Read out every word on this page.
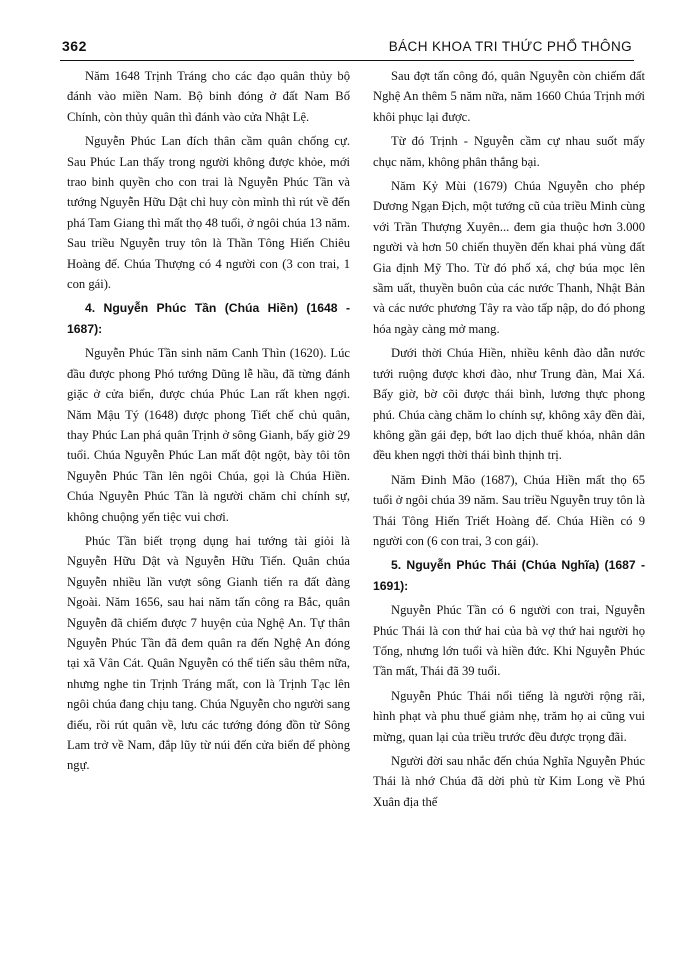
362	BÁCH KHOA TRI THỨC PHỔ THÔNG

Năm 1648 Trịnh Tráng cho các đạo quân thủy bộ đánh vào miền Nam. Bộ binh đóng ở đất Nam Bố Chính, còn thủy quân thì đánh vào cửa Nhật Lệ.

Nguyễn Phúc Lan đích thân cầm quân chống cự. Sau Phúc Lan thấy trong người không được khỏe, mới trao binh quyền cho con trai là Nguyễn Phúc Tần và tướng Nguyễn Hữu Dật chỉ huy còn mình thì rút về đến phá Tam Giang thì mất thọ 48 tuổi, ở ngôi chúa 13 năm. Sau triều Nguyễn truy tôn là Thần Tông Hiến Chiêu Hoàng đế. Chúa Thượng có 4 người con (3 con trai, 1 con gái).

4. Nguyễn Phúc Tần (Chúa Hiền) (1648 - 1687):

Nguyễn Phúc Tần sinh năm Canh Thìn (1620). Lúc đầu được phong Phó tướng Dũng lễ hầu, đã từng đánh giặc ở cửa biển, được chúa Phúc Lan rất khen ngợi. Năm Mậu Tý (1648) được phong Tiết chế chủ quân, thay Phúc Lan phá quân Trịnh ở sông Gianh, bấy giờ 29 tuổi. Chúa Nguyễn Phúc Lan mất đột ngột, bày tôi tôn Nguyễn Phúc Tần lên ngôi Chúa, gọi là Chúa Hiền. Chúa Nguyễn Phúc Tần là người chăm chỉ chính sự, không chuộng yến tiệc vui chơi.

Phúc Tần biết trọng dụng hai tướng tài giỏi là Nguyễn Hữu Dật và Nguyễn Hữu Tiến. Quân chúa Nguyễn nhiều lần vượt sông Gianh tiến ra đất đàng Ngoài. Năm 1656, sau hai năm tấn công ra Bắc, quân Nguyễn đã chiếm được 7 huyện của Nghệ An. Tự thân Nguyễn Phúc Tần đã đem quân ra đến Nghệ An đóng tại xã Vân Cát. Quân Nguyễn có thể tiến sâu thêm nữa, nhưng nghe tin Trịnh Tráng mất, con là Trịnh Tạc lên ngôi chúa đang chịu tang. Chúa Nguyễn cho người sang điếu, rồi rút quân về, lưu các tướng đóng đồn từ Sông Lam trở về Nam, đắp lũy từ núi đến cửa biển để phòng ngự.

Sau đợt tấn công đó, quân Nguyễn còn chiếm đất Nghệ An thêm 5 năm nữa, năm 1660 Chúa Trịnh mới khôi phục lại được.

Từ đó Trịnh - Nguyễn cầm cự nhau suốt mấy chục năm, không phân thắng bại.

Năm Kỷ Mùi (1679) Chúa Nguyễn cho phép Dương Ngạn Địch, một tướng cũ của triều Minh cùng với Trần Thượng Xuyên... đem gia thuộc hơn 3.000 người và hơn 50 chiến thuyền đến khai phá vùng đất Gia định Mỹ Tho. Từ đó phố xá, chợ búa mọc lên sầm uất, thuyền buôn của các nước Thanh, Nhật Bản và các nước phương Tây ra vào tấp nập, do đó phong hóa ngày càng mở mang.

Dưới thời Chúa Hiền, nhiều kênh đào dẫn nước tưới ruộng được khơi đào, như Trung đàn, Mai Xá. Bấy giờ, bờ cõi được thái bình, lương thực phong phú. Chúa càng chăm lo chính sự, không xây đền đài, không gần gái đẹp, bớt lao dịch thuế khóa, nhân dân đều khen ngợi thời thái bình thịnh trị.

Năm Đinh Mão (1687), Chúa Hiền mất thọ 65 tuổi ở ngôi chúa 39 năm. Sau triều Nguyễn truy tôn là Thái Tông Hiến Triết Hoàng đế. Chúa Hiền có 9 người con (6 con trai, 3 con gái).

5. Nguyễn Phúc Thái (Chúa Nghĩa) (1687 - 1691):

Nguyễn Phúc Tần có 6 người con trai, Nguyễn Phúc Thái là con thứ hai của bà vợ thứ hai người họ Tống, nhưng lớn tuổi và hiền đức. Khi Nguyễn Phúc Tần mất, Thái đã 39 tuổi.

Nguyễn Phúc Thái nổi tiếng là người rộng rãi, hình phạt và phu thuế giảm nhẹ, trăm họ ai cũng vui mừng, quan lại của triều trước đều được trọng đãi.

Người đời sau nhắc đến chúa Nghĩa Nguyễn Phúc Thái là nhớ Chúa đã dời phủ từ Kim Long về Phú Xuân địa thế
